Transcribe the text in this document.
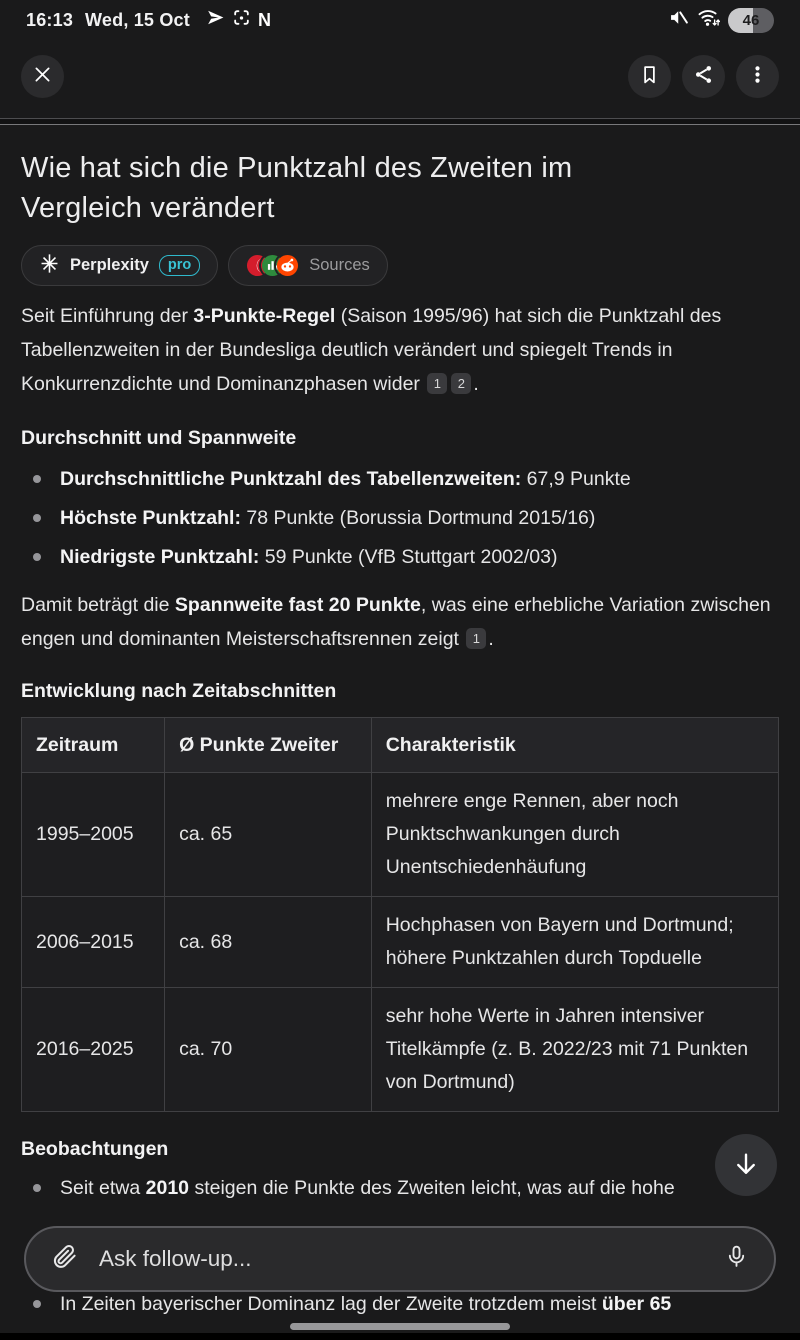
16:13 Wed, 15 Oct	N	46
Wie hat sich die Punktzahl des Zweiten im Vergleich verändert
Perplexity	pro	Sources

Seit Einführung der 3-Punkte-Regel (Saison 1995/96) hat sich die Punktzahl des Tabellenzweiten in der Bundesliga deutlich verändert und spiegelt Trends in Konkurrenzdichte und Dominanzphasen wider 1 2 .

Durchschnitt und Spannweite
Durchschnittliche Punktzahl des Tabellenzweiten: 67,9 Punkte
Höchste Punktzahl: 78 Punkte (Borussia Dortmund 2015/16)
Niedrigste Punktzahl: 59 Punkte (VfB Stuttgart 2002/03)

Damit beträgt die Spannweite fast 20 Punkte, was eine erhebliche Variation zwischen engen und dominanten Meisterschaftsrennen zeigt 1 .

Entwicklung nach Zeitabschnitten
Zeitraum	Ø Punkte Zweiter	Charakteristik
1995–2005	ca. 65	mehrere enge Rennen, aber noch Punktschwankungen durch Unentschiedenhäufung
2006–2015	ca. 68	Hochphasen von Bayern und Dortmund; höhere Punktzahlen durch Topduelle
2016–2025	ca. 70	sehr hohe Werte in Jahren intensiver Titelkämpfe (z. B. 2022/23 mit 71 Punkten von Dortmund)
Beobachtungen
Seit etwa 2010 steigen die Punkte des Zweiten leicht, was auf die hohe
In Zeiten bayerischer Dominanz lag der Zweite trotzdem meist über 65
Ask follow-up...
